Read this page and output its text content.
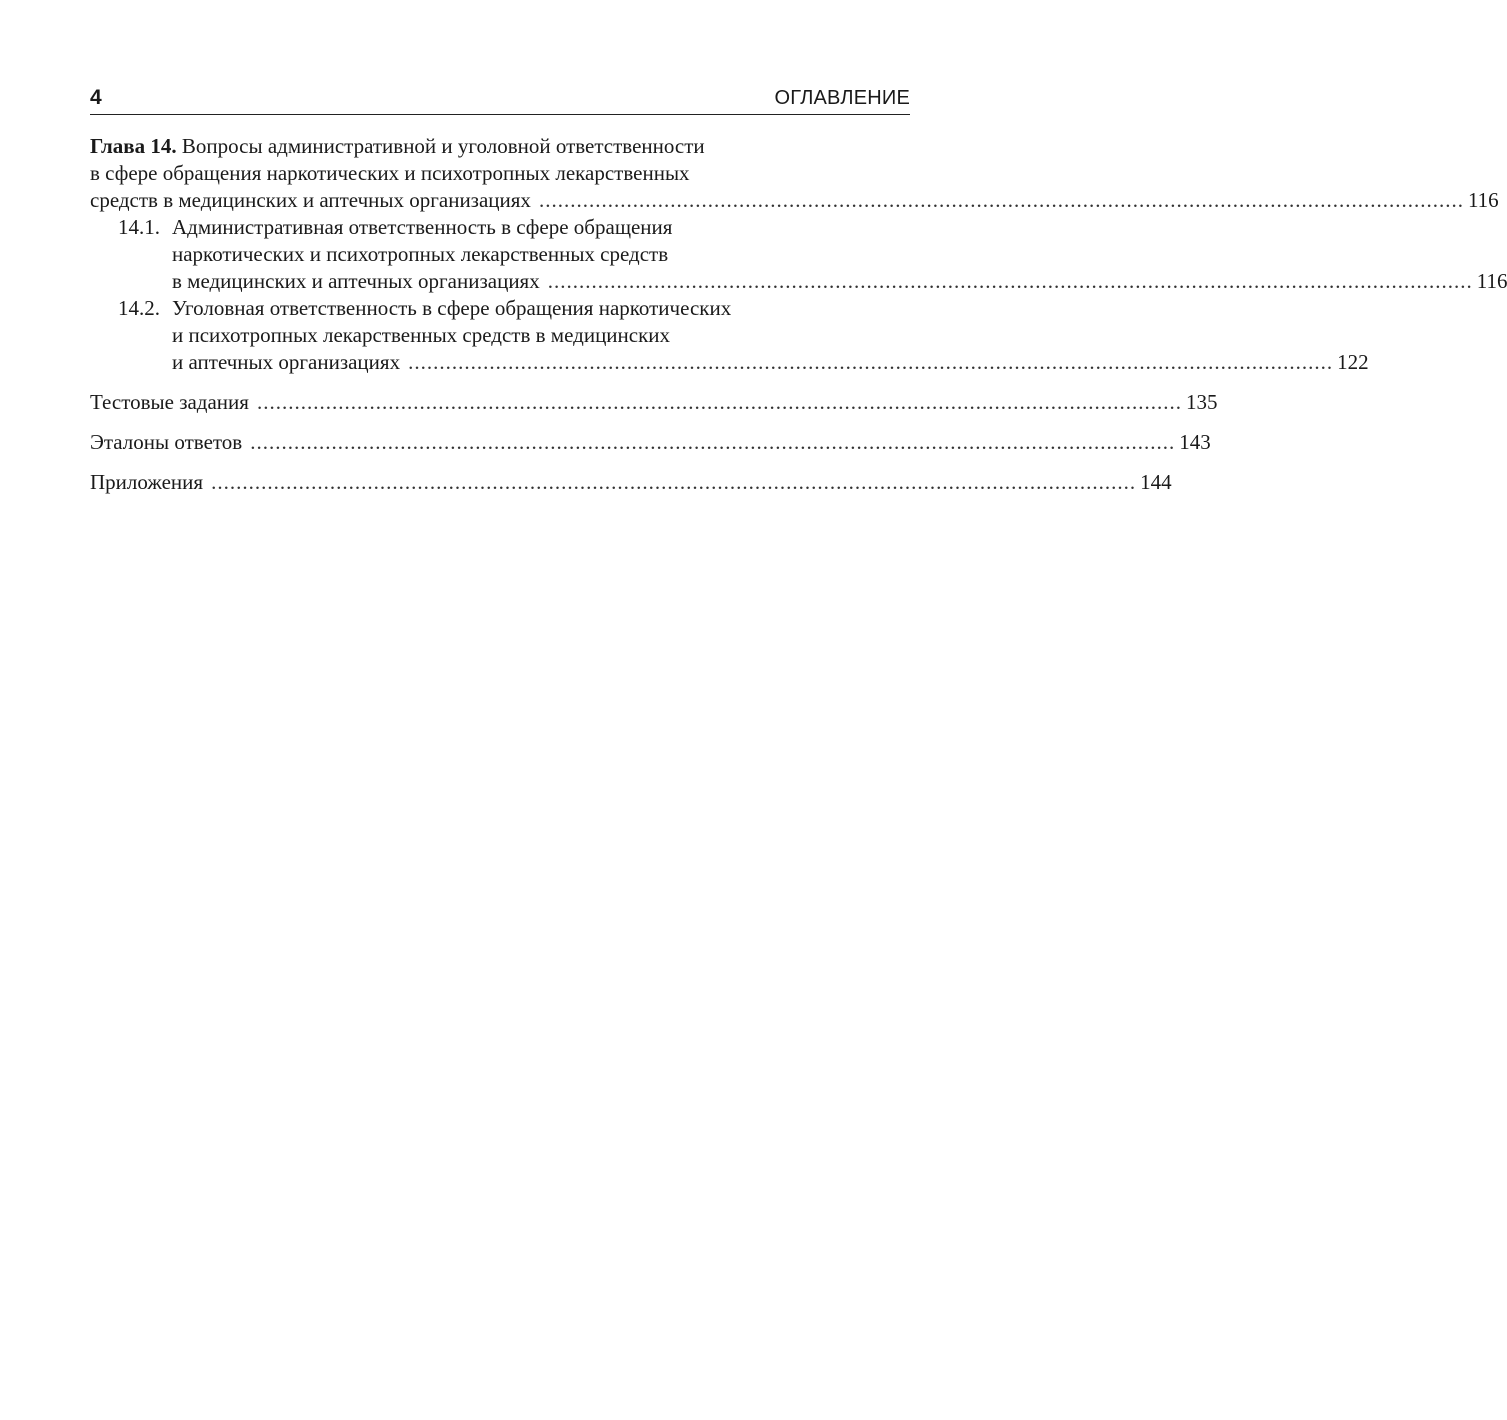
4	ОГЛАВЛЕНИЕ
Глава 14. Вопросы административной и уголовной ответственности
в сфере обращения наркотических и психотропных лекарственных
средств в медицинских и аптечных организациях .................................................................................................................................................... 116
14.1. Административная ответственность в сфере обращения
наркотических и психотропных лекарственных средств
в медицинских и аптечных организациях .................................................................................................................................................... 116
14.2. Уголовная ответственность в сфере обращения наркотических
и психотропных лекарственных средств в медицинских
и аптечных организациях .................................................................................................................................................... 122
Тестовые задания .................................................................................................................................................... 135
Эталоны ответов .................................................................................................................................................... 143
Приложения .................................................................................................................................................... 144
